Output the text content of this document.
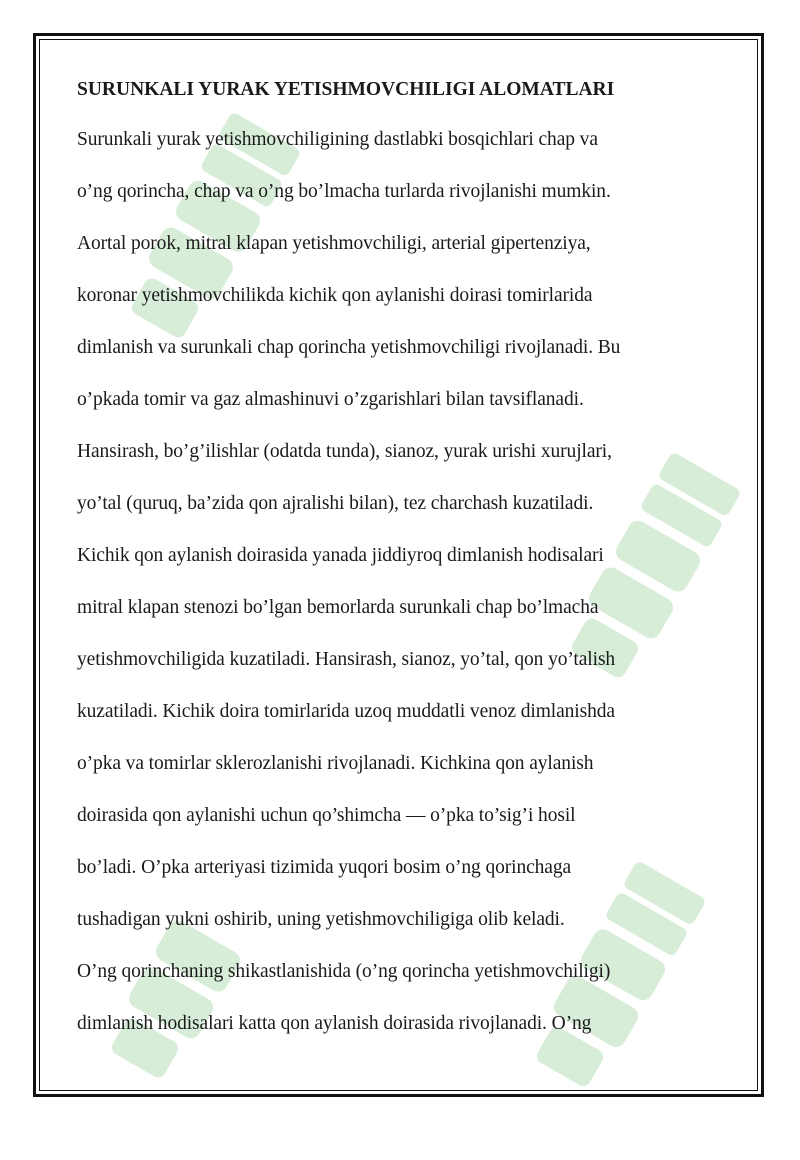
SURUNKALI YURAK YETISHMOVCHILIGI ALOMATLARI

Surunkali yurak yetishmovchiligining dastlabki bosqichlari chap va

o’ng qorincha, chap va o’ng bo’lmacha turlarda rivojlanishi mumkin.

Aortal porok, mitral klapan yetishmovchiligi, arterial gipertenziya,

koronar yetishmovchilikda kichik qon aylanishi doirasi tomirlarida

dimlanish va surunkali chap qorincha yetishmovchiligi rivojlanadi. Bu

o’pkada tomir va gaz almashinuvi o’zgarishlari bilan tavsiflanadi.

Hansirash, bo’g’ilishlar (odatda tunda), sianoz, yurak urishi xurujlari,

yo’tal (quruq, ba’zida qon ajralishi bilan), tez charchash kuzatiladi.

Kichik qon aylanish doirasida yanada jiddiyroq dimlanish hodisalari

mitral klapan stenozi bo’lgan bemorlarda surunkali chap bo’lmacha

yetishmovchiligida kuzatiladi. Hansirash, sianoz, yo’tal, qon yo’talish

kuzatiladi. Kichik doira tomirlarida uzoq muddatli venoz dimlanishda

o’pka va tomirlar sklerozlanishi rivojlanadi. Kichkina qon aylanish

doirasida qon aylanishi uchun qo’shimcha — o’pka to’sig’i hosil

bo’ladi. O’pka arteriyasi tizimida yuqori bosim o’ng qorinchaga

tushadigan yukni oshirib, uning yetishmovchiligiga olib keladi.

O’ng qorinchaning shikastlanishida (o’ng qorincha yetishmovchiligi)

dimlanish hodisalari katta qon aylanish doirasida rivojlanadi. O’ng
